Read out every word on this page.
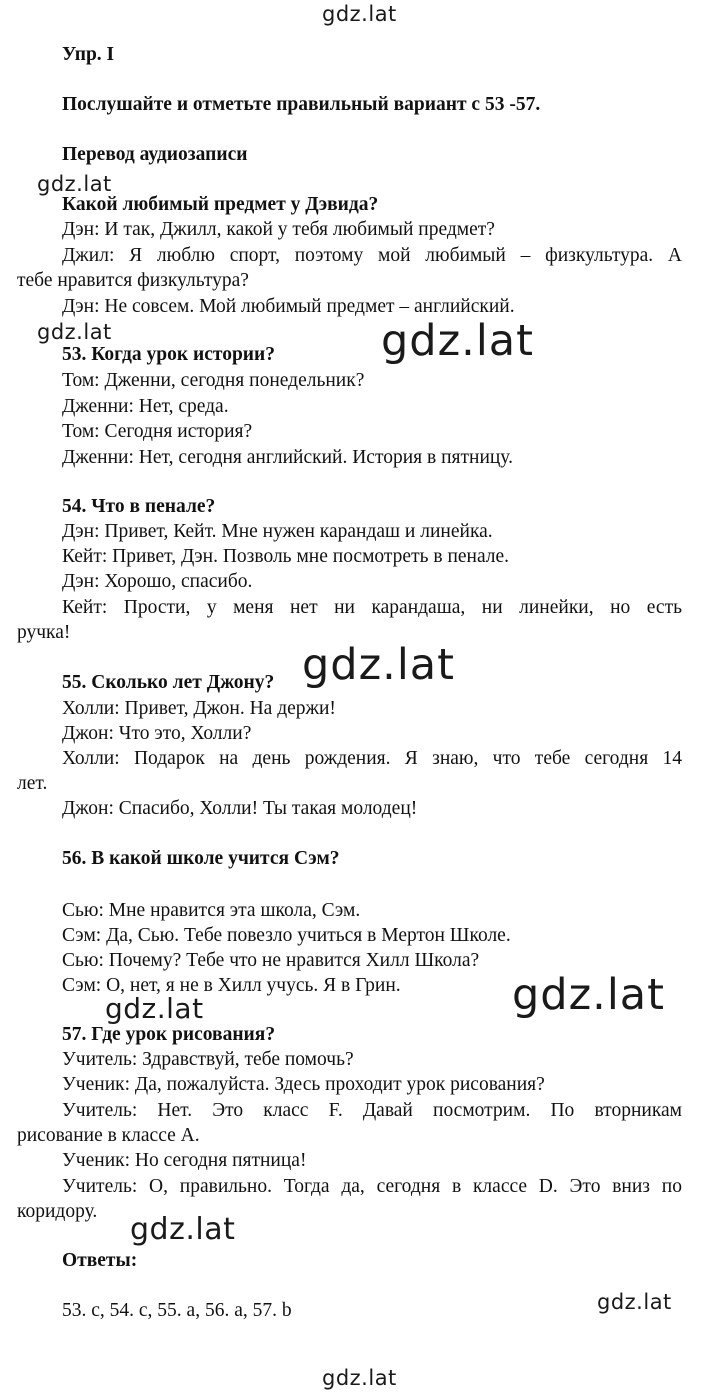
gdz.lat
gdz.lat
gdz.lat	gdz.lat
gdz.lat
gdz.lat
gdz.lat
gdz.lat
gdz.lat
gdz.lat
Упр. I
Послушайте и отметьте правильный вариант с 53 -57.
Перевод аудиозаписи
Какой любимый предмет у Дэвида?
Дэн: И так, Джилл, какой у тебя любимый предмет?
Джил: Я люблю спорт, поэтому мой любимый – физкультура. А
тебе нравится физкультура?
Дэн: Не совсем. Мой любимый предмет – английский.
53. Когда урок истории?
Том: Дженни, сегодня понедельник?
Дженни: Нет, среда.
Том: Сегодня история?
Дженни: Нет, сегодня английский. История в пятницу.
54. Что в пенале?
Дэн: Привет, Кейт. Мне нужен карандаш и линейка.
Кейт: Привет, Дэн. Позволь мне посмотреть в пенале.
Дэн: Хорошо, спасибо.
Кейт: Прости, у меня нет ни карандаша, ни линейки, но есть
ручка!
55. Сколько лет Джону?
Холли: Привет, Джон. На держи!
Джон: Что это, Холли?
Холли: Подарок на день рождения. Я знаю, что тебе сегодня 14
лет.
Джон: Спасибо, Холли! Ты такая молодец!
56. В какой школе учится Сэм?
Сью: Мне нравится эта школа, Сэм.
Сэм: Да, Сью. Тебе повезло учиться в Мертон Школе.
Сью: Почему? Тебе что не нравится Хилл Школа?
Сэм: О, нет, я не в Хилл учусь. Я в Грин.
57. Где урок рисования?
Учитель: Здравствуй, тебе помочь?
Ученик: Да, пожалуйста. Здесь проходит урок рисования?
Учитель: Нет. Это класс F. Давай посмотрим. По вторникам
рисование в классе A.
Ученик: Но сегодня пятница!
Учитель: О, правильно. Тогда да, сегодня в классе D. Это вниз по
коридору.
Ответы:
53. c, 54. c, 55. a, 56. a, 57. b
